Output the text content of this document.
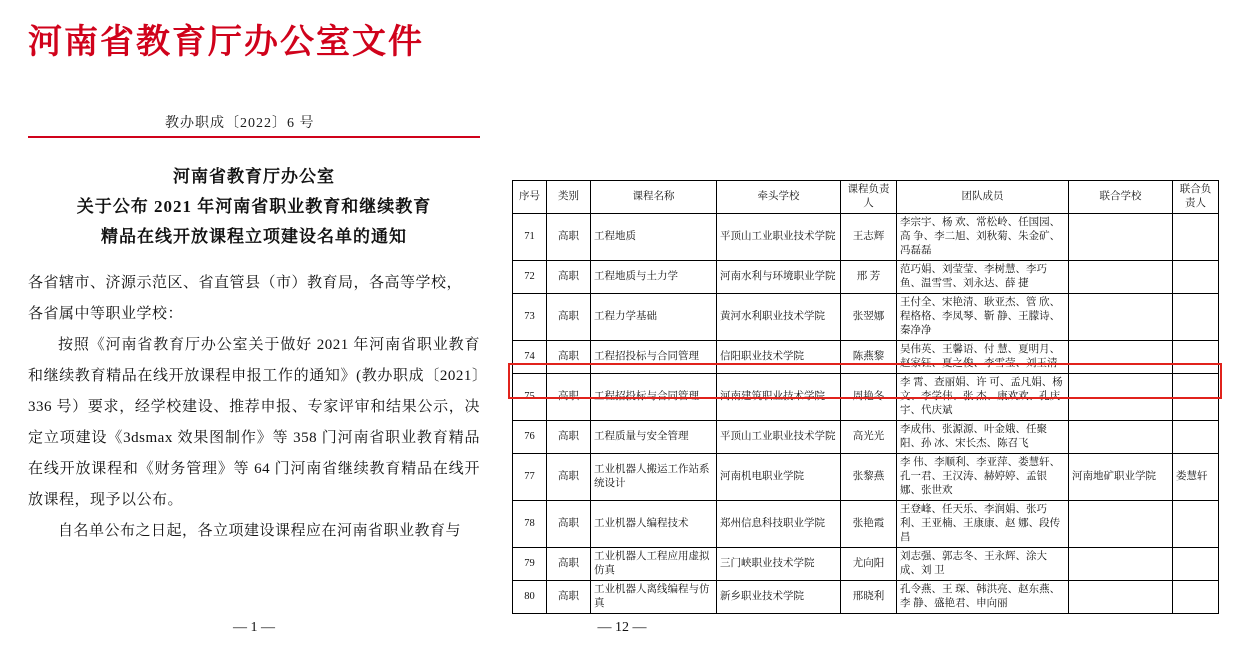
河南省教育厅办公室文件
教办职成〔2022〕6 号
河南省教育厅办公室
关于公布 2021 年河南省职业教育和继续教育
精品在线开放课程立项建设名单的通知

各省辖市、济源示范区、省直管县（市）教育局，各高等学校，

各省属中等职业学校：

按照《河南省教育厅办公室关于做好 2021 年河南省职业教育和继续教育精品在线开放课程申报工作的通知》(教办职成〔2021〕336 号）要求，经学校建设、推荐申报、专家评审和结果公示，决定立项建设《3dsmax 效果图制作》等 358 门河南省职业教育精品在线开放课程和《财务管理》等 64 门河南省继续教育精品在线开放课程，现予以公布。

自名单公布之日起，各立项建设课程应在河南省职业教育与

— 1 —
序号	类别	课程名称	牵头学校	课程负责人	团队成员	联合学校	联合负责人
71	高职	工程地质	平顶山工业职业技术学院	王志辉	李宗宇、杨 欢、常松岭、任国园、高 争、李二旭、刘秋菊、朱金矿、冯磊磊		
72	高职	工程地质与土力学	河南水利与环境职业学院	邢 芳	范巧娟、刘莹莹、李树慧、李巧鱼、温雪雪、刘永达、薛 捷		
73	高职	工程力学基础	黄河水利职业技术学院	张翌娜	王付全、宋艳清、耿亚杰、管 欣、程格格、李凤琴、靳 静、王朦诗、秦净净		
74	高职	工程招投标与合同管理	信阳职业技术学院	陈燕黎	吴伟英、王馨语、付 慧、夏明月、赵家钰、夏之俊、李雪莹、刘玉清		
75	高职	工程招投标与合同管理	河南建筑职业技术学院	周艳冬	李 霄、查丽娟、许 可、孟凡娟、杨 文、李学伟、张 杰、康欢欢、孔庆宇、代庆斌		
76	高职	工程质量与安全管理	平顶山工业职业技术学院	高光光	李成伟、张源源、叶金娥、任聚阳、孙 冰、宋长杰、陈召飞		
77	高职	工业机器人搬运工作站系统设计	河南机电职业学院	张黎燕	李 伟、李顺利、李亚萍、娄慧轩、孔一君、王汉涛、赫婷婷、孟银娜、张世欢	河南地矿职业学院	娄慧轩
78	高职	工业机器人编程技术	郑州信息科技职业学院	张艳霞	王登峰、任天乐、李润娟、张巧利、王亚楠、王康康、赵 娜、段传昌		
79	高职	工业机器人工程应用虚拟仿真	三门峡职业技术学院	尤向阳	刘志强、郭志冬、王永辉、涂大成、刘 卫		
80	高职	工业机器人离线编程与仿真	新乡职业技术学院	邢晓利	孔令燕、王 琛、韩洪亮、赵东燕、李 静、盛艳君、申向丽		
— 12 —
